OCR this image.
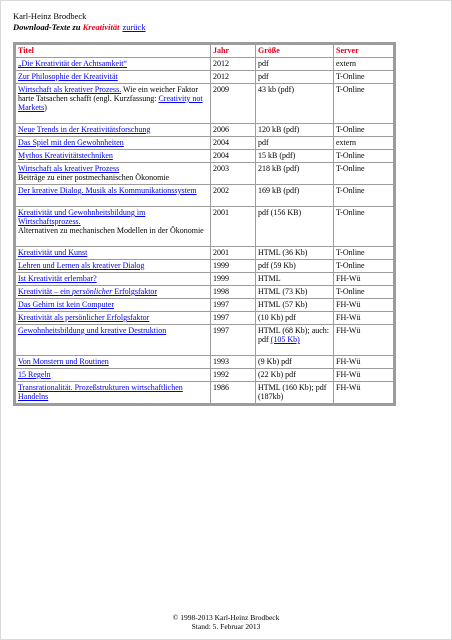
Karl-Heinz Brodbeck
Download-Texte zu Kreativität zurück
Titel	Jahr	Größe	Server
„Die Kreativität der Achtsamkeit“	2012	pdf	extern
Zur Philosophie der Kreativität	2012	pdf	T-Online
Wirtschaft als kreativer Prozess. Wie ein weicher Faktor harte Tatsachen schafft (engl. Kurzfassung: Creativity not Markets)	2009	43 kb (pdf)	T-Online
Neue Trends in der Kreativitätsforschung	2006	120 kB (pdf)	T-Online
Das Spiel mit den Gewohnheiten	2004	pdf	extern
Mythos Kreativitätstechniken	2004	15 kB (pdf)	T-Online
Wirtschaft als kreativer Prozess
Beiträge zu einer postmechanischen Ökonomie	2003	218 kB (pdf)	T-Online
Der kreative Dialog. Musik als Kommunikationssystem	2002	169 kB (pdf)	T-Online
Kreativität und Gewohnheitsbildung im Wirtschaftsprozess.
Alternativen zu mechanischen Modellen in der Ökonomie	2001	pdf (156 KB)	T-Online
Kreativität und Kunst	2001	HTML (36 Kb)	T-Online
Lehren und Lernen als kreativer Dialog	1999	pdf (59 Kb)	T-Online
Ist Kreativität erlernbar?	1999	HTML	FH-Wü
Kreativität – ein persönlicher Erfolgsfaktor	1998	HTML (73 Kb)	T-Online
Das Gehirn ist kein Computer	1997	HTML (57 Kb)	FH-Wü
Kreativität als persönlicher Erfolgsfaktor	1997	(10 Kb) pdf	FH-Wü
Gewohnheitsbildung und kreative Destruktion	1997	HTML (68 Kb); auch: pdf (105 Kb)	FH-Wü
Von Monstern und Routinen	1993	(9 Kb) pdf	FH-Wü
15 Regeln	1992	(22 Kb) pdf	FH-Wü
Transrationalität. Prozeßstrukturen wirtschaftlichen Handelns	1986	HTML (160 Kb); pdf (187kb)	FH-Wü
© 1998-2013 Karl-Heinz Brodbeck
Stand: 5. Februar 2013
